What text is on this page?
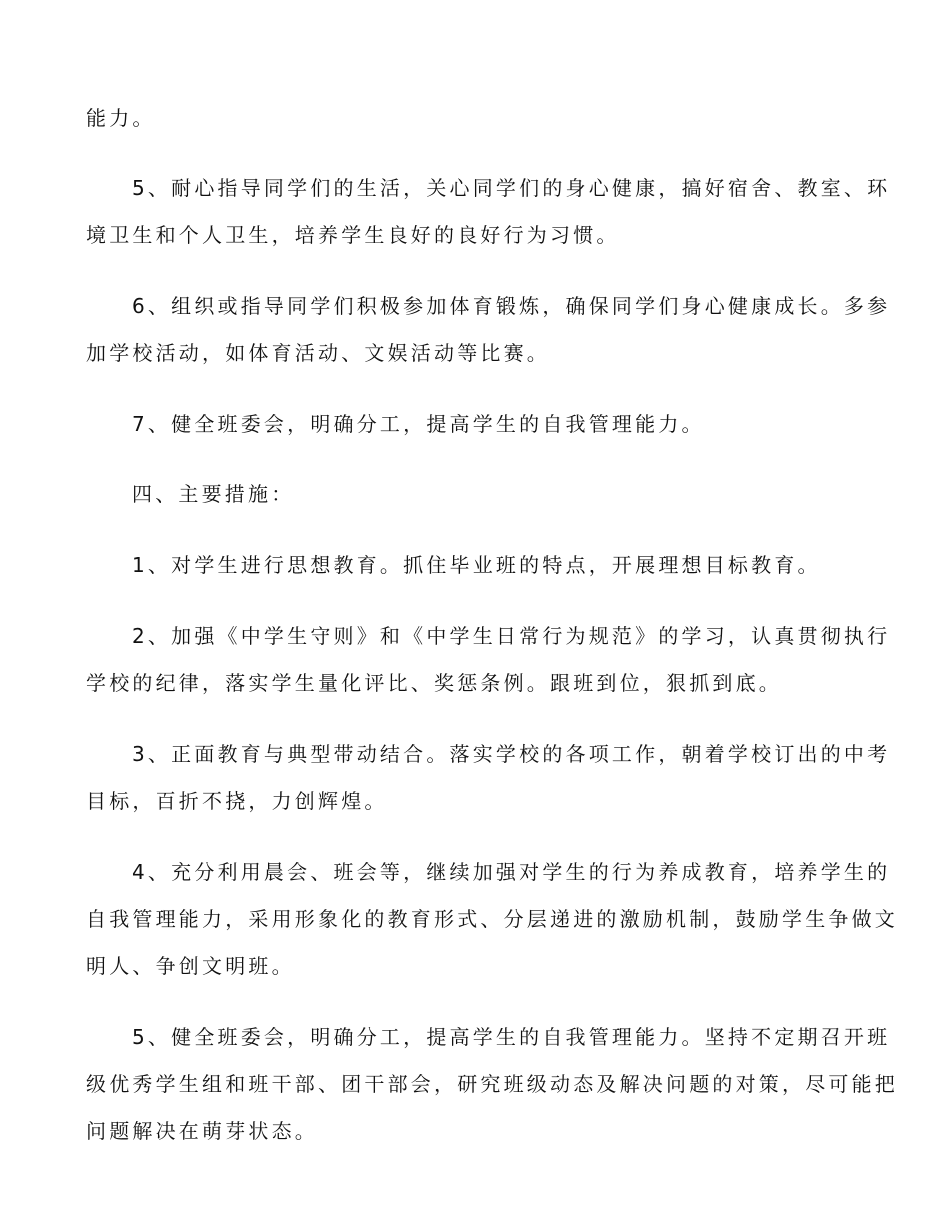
能力。
5、耐心指导同学们的生活，关心同学们的身心健康，搞好宿舍、教室、环
境卫生和个人卫生，培养学生良好的良好行为习惯。
6、组织或指导同学们积极参加体育锻炼，确保同学们身心健康成长。多参
加学校活动，如体育活动、文娱活动等比赛。
7、健全班委会，明确分工，提高学生的自我管理能力。
四、主要措施：
1、对学生进行思想教育。抓住毕业班的特点，开展理想目标教育。
2、加强《中学生守则》和《中学生日常行为规范》的学习，认真贯彻执行
学校的纪律，落实学生量化评比、奖惩条例。跟班到位，狠抓到底。
3、正面教育与典型带动结合。落实学校的各项工作，朝着学校订出的中考
目标，百折不挠，力创辉煌。
4、充分利用晨会、班会等，继续加强对学生的行为养成教育，培养学生的
自我管理能力，采用形象化的教育形式、分层递进的激励机制，鼓励学生争做文
明人、争创文明班。
5、健全班委会，明确分工，提高学生的自我管理能力。坚持不定期召开班
级优秀学生组和班干部、团干部会，研究班级动态及解决问题的对策，尽可能把
问题解决在萌芽状态。
